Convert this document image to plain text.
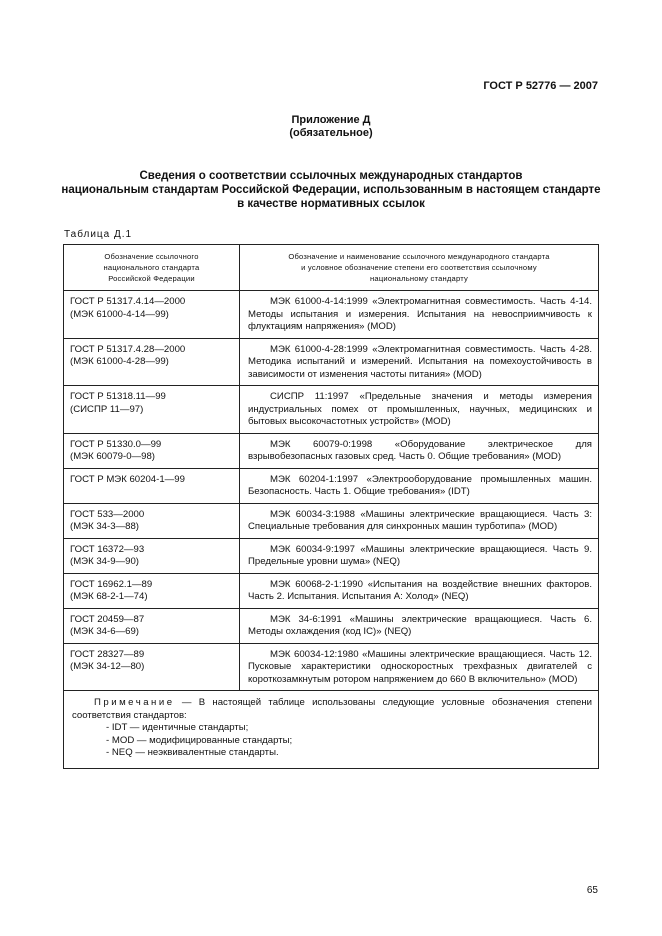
ГОСТ Р 52776 — 2007
Приложение Д
(обязательное)
Сведения о соответствии ссылочных международных стандартов
национальным стандартам Российской Федерации, использованным в настоящем стандарте
в качестве нормативных ссылок
Таблица Д.1
Обозначение ссылочного
национального стандарта
Российской Федерации	Обозначение и наименование ссылочного международного стандарта
и условное обозначение степени его соответствия ссылочному
национальному стандарту

ГОСТ Р 51317.4.14—2000
(МЭК 61000-4-14—99)	МЭК 61000-4-14:1999 «Электромагнитная совместимость. Часть 4-14. Методы испытания и измерения. Испытания на невосприимчивость к флуктациям напряжения» (MOD)

ГОСТ Р 51317.4.28—2000
(МЭК 61000-4-28—99)	МЭК 61000-4-28:1999 «Электромагнитная совместимость. Часть 4-28. Методика испытаний и измерений. Испытания на помехоустойчивость в зависимости от изменения частоты питания» (MOD)

ГОСТ Р 51318.11—99
(СИСПР 11—97)	СИСПР 11:1997 «Предельные значения и методы измерения индустриальных помех от промышленных, научных, медицинских и бытовых высокочастотных устройств» (MOD)

ГОСТ Р 51330.0—99
(МЭК 60079-0—98)	МЭК 60079-0:1998 «Оборудование электрическое для взрывобезопасных газовых сред. Часть 0. Общие требования» (MOD)

ГОСТ Р МЭК 60204-1—99	МЭК 60204-1:1997 «Электрооборудование промышленных машин. Безопасность. Часть 1. Общие требования» (IDT)

ГОСТ 533—2000
(МЭК 34-3—88)	МЭК 60034-3:1988 «Машины электрические вращающиеся. Часть 3: Специальные требования для синхронных машин турботипа» (MOD)

ГОСТ 16372—93
(МЭК 34-9—90)	МЭК 60034-9:1997 «Машины электрические вращающиеся. Часть 9. Предельные уровни шума» (NEQ)

ГОСТ 16962.1—89
(МЭК 68-2-1—74)	МЭК 60068-2-1:1990 «Испытания на воздействие внешних факторов. Часть 2. Испытания. Испытания А: Холод» (NEQ)

ГОСТ 20459—87
(МЭК 34-6—69)	МЭК 34-6:1991 «Машины электрические вращающиеся. Часть 6. Методы охлаждения (код IC)» (NEQ)

ГОСТ 28327—89
(МЭК 34-12—80)	МЭК 60034-12:1980 «Машины электрические вращающиеся. Часть 12. Пусковые характеристики односкоростных трехфазных двигателей с короткозамкнутым ротором напряжением до 660 В включительно» (MOD)

Примечание — В настоящей таблице использованы следующие условные обозначения степени соответствия стандартов:
- IDT — идентичные стандарты;
- MOD — модифицированные стандарты;
- NEQ — неэквивалентные стандарты.	
65
